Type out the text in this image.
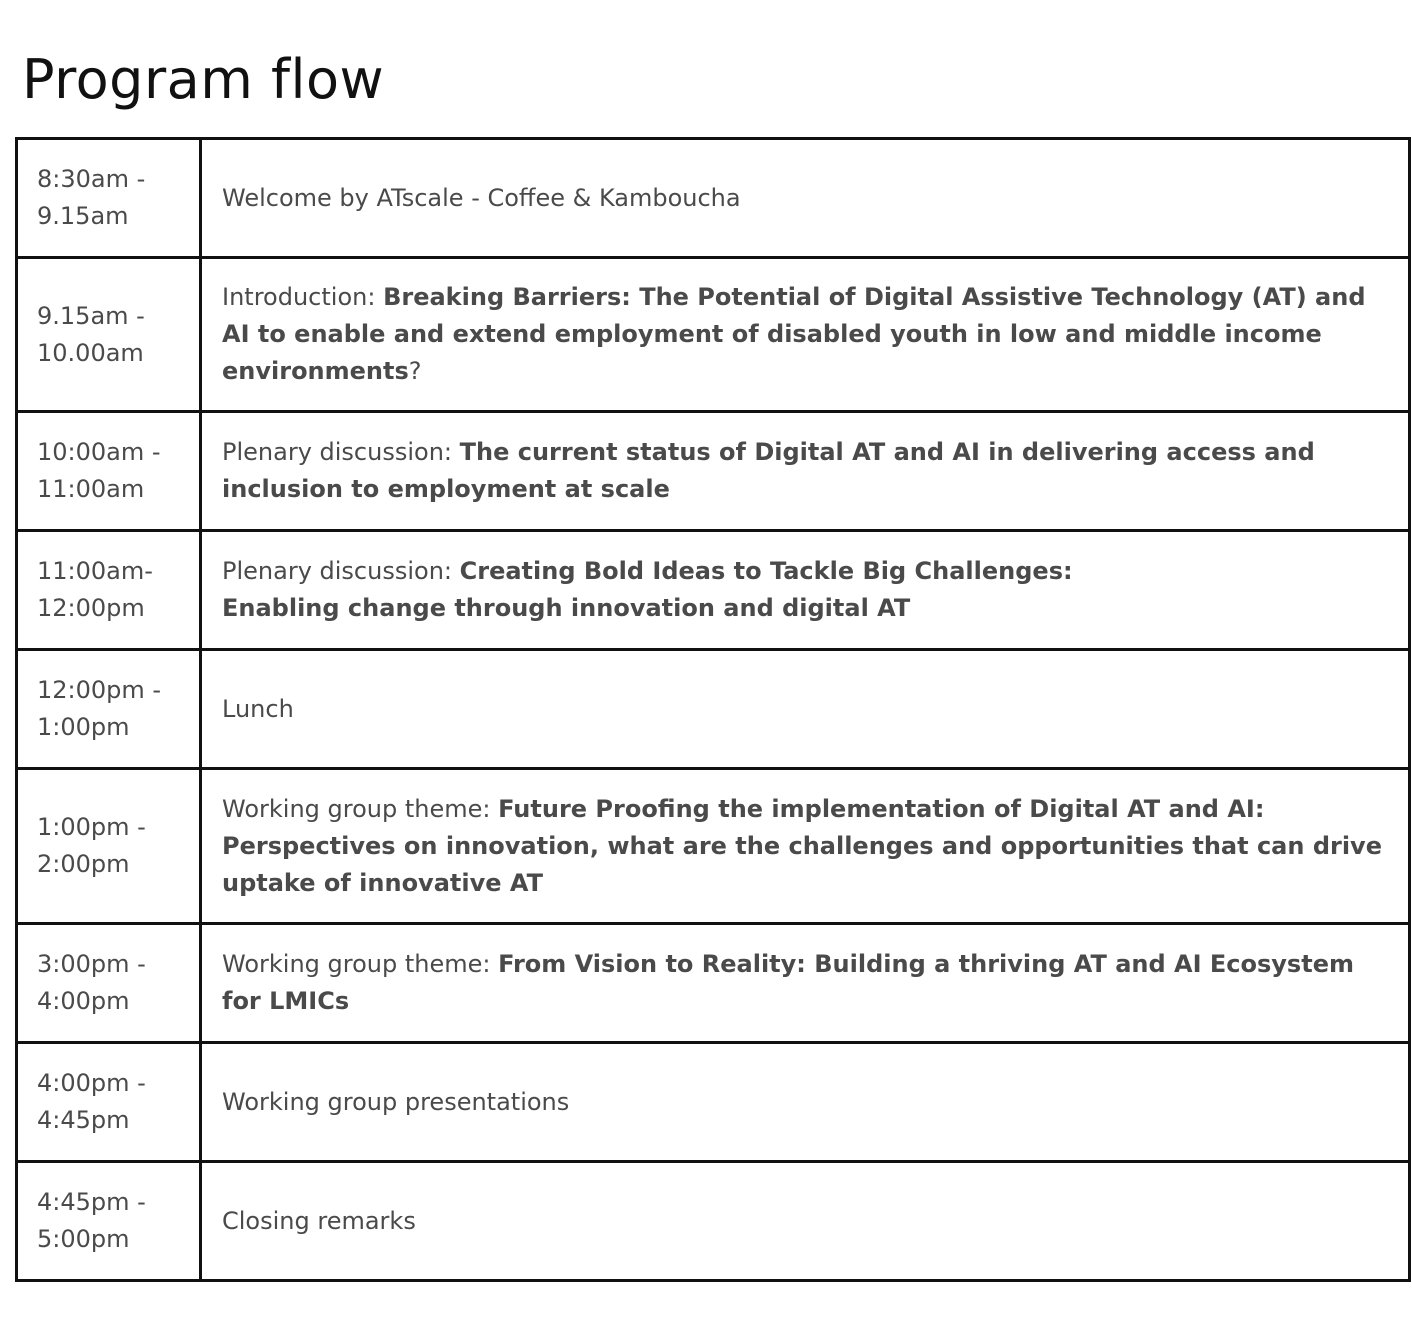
Program flow
8:30am -
9.15am	Welcome by ATscale - Coffee & Kamboucha

9.15am -
10.00am	Introduction: Breaking Barriers: The Potential of Digital Assistive Technology (AT) and AI to enable and extend employment of disabled youth in low and middle income environments?

10:00am -
11:00am	Plenary discussion: The current status of Digital AT and AI in delivering access and inclusion to employment at scale

11:00am-
12:00pm	Plenary discussion: Creating Bold Ideas to Tackle Big Challenges:
Enabling change through innovation and digital AT

12:00pm -
1:00pm	Lunch

1:00pm -
2:00pm	Working group theme: Future Proofing the implementation of Digital AT and AI: Perspectives on innovation, what are the challenges and opportunities that can drive uptake of innovative AT

3:00pm -
4:00pm	Working group theme: From Vision to Reality: Building a thriving AT and AI Ecosystem for LMICs

4:00pm -
4:45pm	Working group presentations

4:45pm -
5:00pm	Closing remarks
